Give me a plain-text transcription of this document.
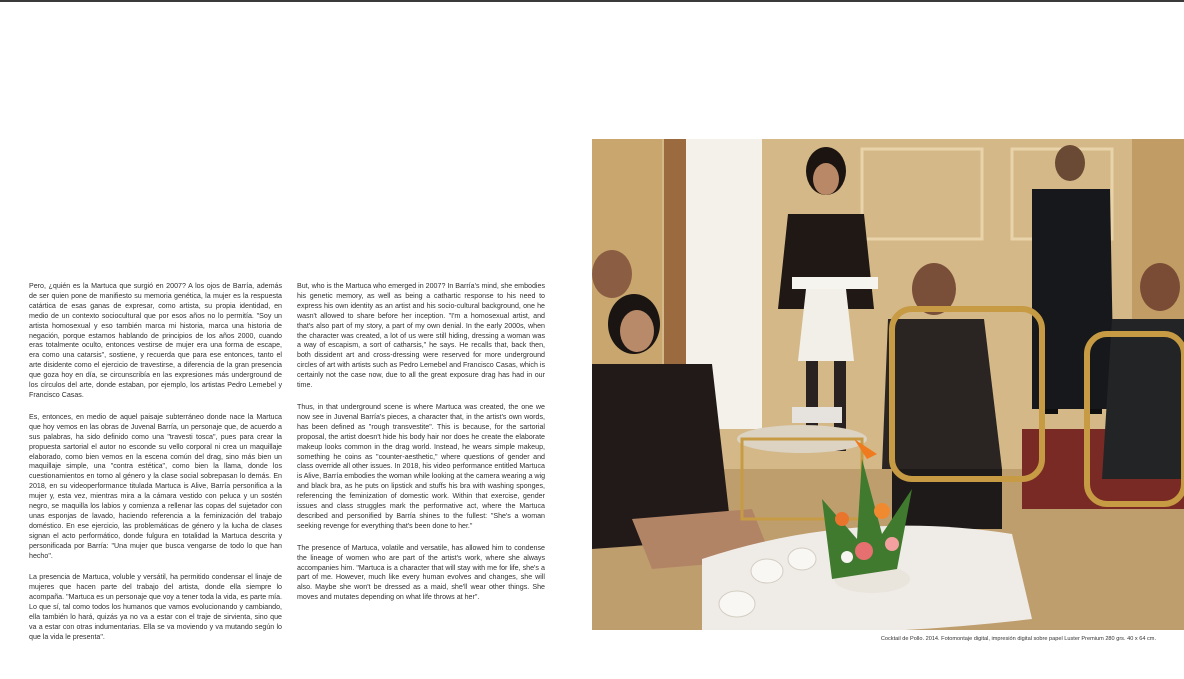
Pero, ¿quién es la Martuca que surgió en 2007? A los ojos de Barría, además de ser quien pone de manifiesto su memoria genética, la mujer es la respuesta catártica de esas ganas de expresar, como artista, su propia identidad, en medio de un contexto sociocultural que por esos años no lo permitía. "Soy un artista homosexual y eso también marca mi historia, marca una historia de negación, porque estamos hablando de principios de los años 2000, cuando eras totalmente oculto, entonces vestirse de mujer era una forma de escape, era como una catarsis", sostiene, y recuerda que para ese entonces, tanto el arte disidente como el ejercicio de travestirse, a diferencia de la gran presencia que goza hoy en día, se circunscribía en las expresiones más underground de los círculos del arte, donde estaban, por ejemplo, los artistas Pedro Lemebel y Francisco Casas.

Es, entonces, en medio de aquel paisaje subterráneo donde nace la Martuca que hoy vemos en las obras de Juvenal Barría, un personaje que, de acuerdo a sus palabras, ha sido definido como una "travesti tosca", pues para crear la propuesta sartorial el autor no esconde su vello corporal ni crea un maquillaje elaborado, como bien vemos en la escena común del drag, sino más bien un maquillaje simple, una "contra estética", como bien la llama, donde los cuestionamientos en torno al género y la clase social sobrepasan lo demás. En 2018, en su videoperformance titulada Martuca is Alive, Barría personifica a la mujer y, esta vez, mientras mira a la cámara vestido con peluca y un sostén negro, se maquilla los labios y comienza a rellenar las copas del sujetador con unas esponjas de lavado, haciendo referencia a la feminización del trabajo doméstico. En ese ejercicio, las problemáticas de género y la lucha de clases signan el acto performático, donde fulgura en totalidad la Martuca descrita y personificada por Barría: "Una mujer que busca vengarse de todo lo que han hecho".

La presencia de Martuca, voluble y versátil, ha permitido condensar el linaje de mujeres que hacen parte del trabajo del artista, donde ella siempre lo acompaña. "Martuca es un personaje que voy a tener toda la vida, es parte mía. Lo que sí, tal como todos los humanos que vamos evolucionando y cambiando, ella también lo hará, quizás ya no va a estar con el traje de sirvienta, sino que va a estar con otras indumentarias. Ella se va moviendo y va mutando según lo que la vida le presenta".

But, who is the Martuca who emerged in 2007? In Barría's mind, she embodies his genetic memory, as well as being a cathartic response to his need to express his own identity as an artist and his socio-cultural background, one he wasn't allowed to share before her inception. "I'm a homosexual artist, and that's also part of my story, a part of my own denial. In the early 2000s, when the character was created, a lot of us were still hiding, dressing a woman was a way of escapism, a sort of catharsis," he says. He recalls that, back then, both dissident art and cross-dressing were reserved for more underground circles of art with artists such as Pedro Lemebel and Francisco Casas, which is certainly not the case now, due to all the great exposure drag has had in our time.

Thus, in that underground scene is where Martuca was created, the one we now see in Juvenal Barría's pieces, a character that, in the artist's own words, has been defined as "rough transvestite". This is because, for the sartorial proposal, the artist doesn't hide his body hair nor does he create the elaborate makeup looks common in the drag world. Instead, he wears simple makeup, something he coins as "counter-aesthetic," where questions of gender and class override all other issues. In 2018, his video performance entitled Martuca is Alive, Barría embodies the woman while looking at the camera wearing a wig and black bra, as he puts on lipstick and stuffs his bra with washing sponges, referencing the feminization of domestic work. Within that exercise, gender issues and class struggles mark the performative act, where the Martuca described and personified by Barría shines to the fullest: "She's a woman seeking revenge for everything that's been done to her."

The presence of Martuca, volatile and versatile, has allowed him to condense the lineage of women who are part of the artist's work, where she always accompanies him. "Martuca is a character that will stay with me for life, she's a part of me. However, much like every human evolves and changes, she will also. Maybe she won't be dressed as a maid, she'll wear other things. She moves and mutates depending on what life throws at her".

Cocktail de Pollo. 2014. Fotomontaje digital, impresión digital sobre papel Luster Premium 280 grs. 40 x 64 cm.
